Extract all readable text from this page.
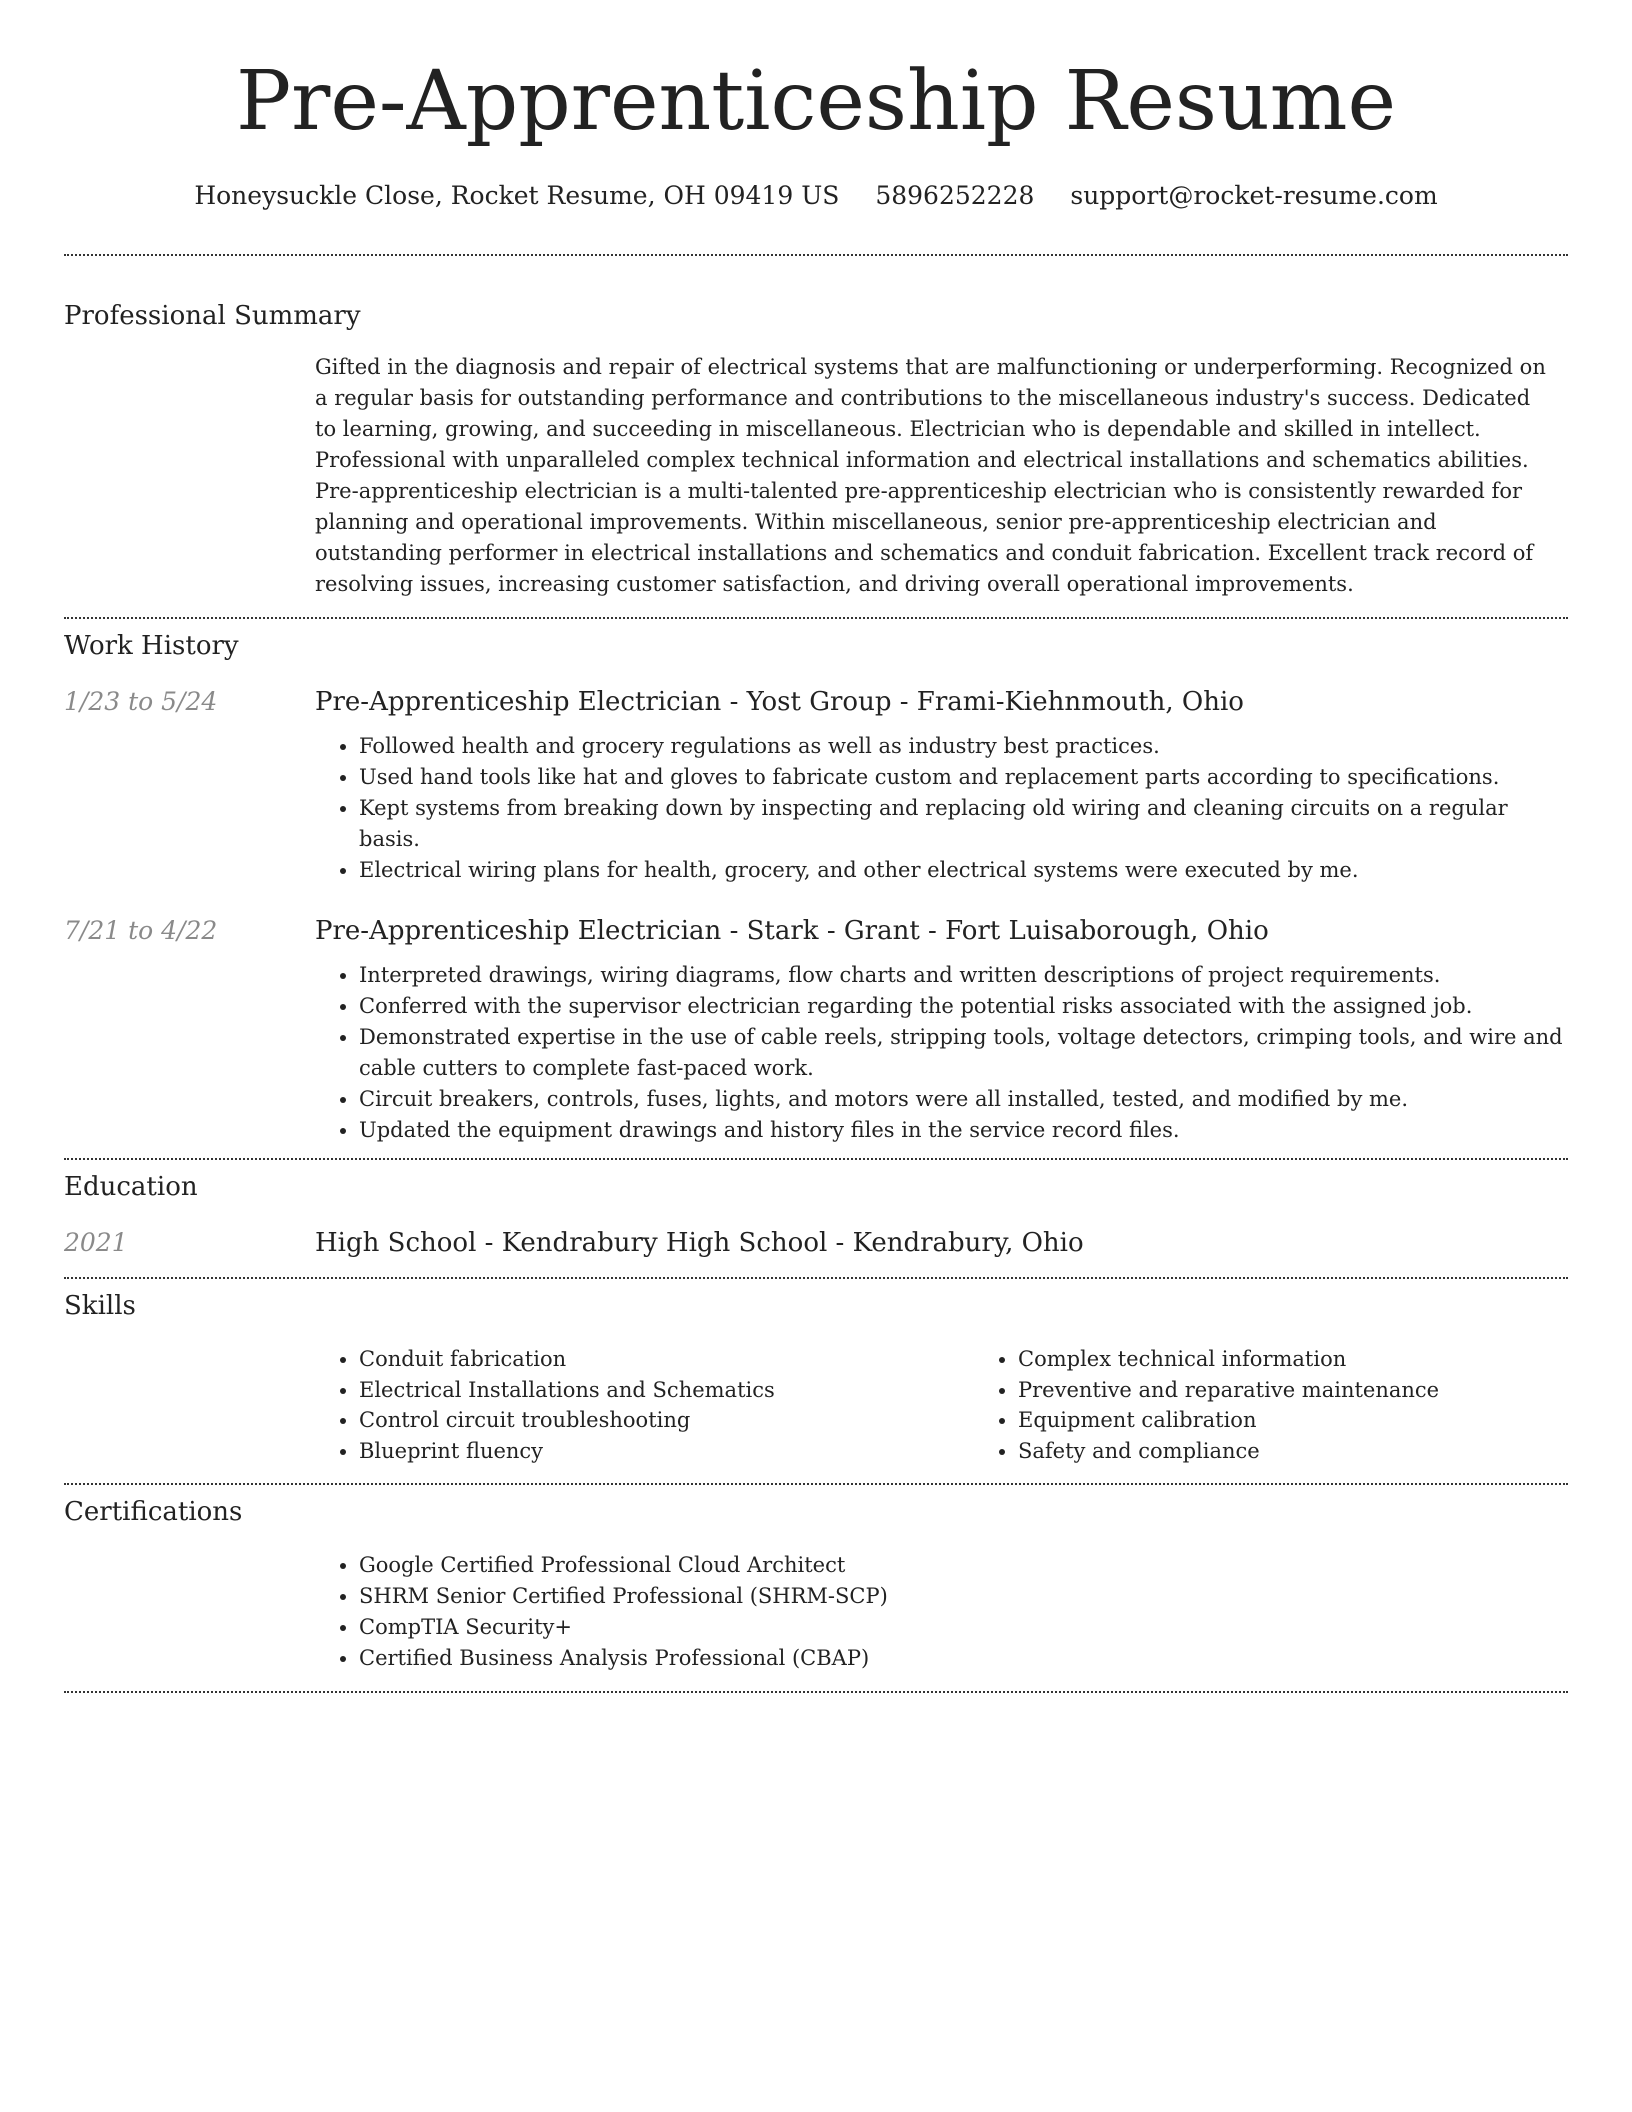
Pre-Apprenticeship Resume
Honeysuckle Close, Rocket Resume, OH 09419 US 5896252228 support@rocket-resume.com
Professional Summary

Gifted in the diagnosis and repair of electrical systems that are malfunctioning or underperforming. Recognized on a regular basis for outstanding performance and contributions to the miscellaneous industry's success. Dedicated to learning, growing, and succeeding in miscellaneous. Electrician who is dependable and skilled in intellect. Professional with unparalleled complex technical information and electrical installations and schematics abilities. Pre-apprenticeship electrician is a multi-talented pre-apprenticeship electrician who is consistently rewarded for planning and operational improvements. Within miscellaneous, senior pre-apprenticeship electrician and outstanding performer in electrical installations and schematics and conduit fabrication. Excellent track record of resolving issues, increasing customer satisfaction, and driving overall operational improvements.

Work History
1/23 to 5/24	Pre-Apprenticeship Electrician - Yost Group - Frami-Kiehnmouth, Ohio
• Followed health and grocery regulations as well as industry best practices.
• Used hand tools like hat and gloves to fabricate custom and replacement parts according to specifications.
• Kept systems from breaking down by inspecting and replacing old wiring and cleaning circuits on a regular basis.
• Electrical wiring plans for health, grocery, and other electrical systems were executed by me.
7/21 to 4/22	Pre-Apprenticeship Electrician - Stark - Grant - Fort Luisaborough, Ohio
• Interpreted drawings, wiring diagrams, flow charts and written descriptions of project requirements.
• Conferred with the supervisor electrician regarding the potential risks associated with the assigned job.
• Demonstrated expertise in the use of cable reels, stripping tools, voltage detectors, crimping tools, and wire and cable cutters to complete fast-paced work.
• Circuit breakers, controls, fuses, lights, and motors were all installed, tested, and modified by me.
• Updated the equipment drawings and history files in the service record files.
Education
2021	High School - Kendrabury High School - Kendrabury, Ohio
Skills
• Conduit fabrication
• Electrical Installations and Schematics
• Control circuit troubleshooting
• Blueprint fluency
• Complex technical information
• Preventive and reparative maintenance
• Equipment calibration
• Safety and compliance
Certifications
• Google Certified Professional Cloud Architect
• SHRM Senior Certified Professional (SHRM-SCP)
• CompTIA Security+
• Certified Business Analysis Professional (CBAP)
